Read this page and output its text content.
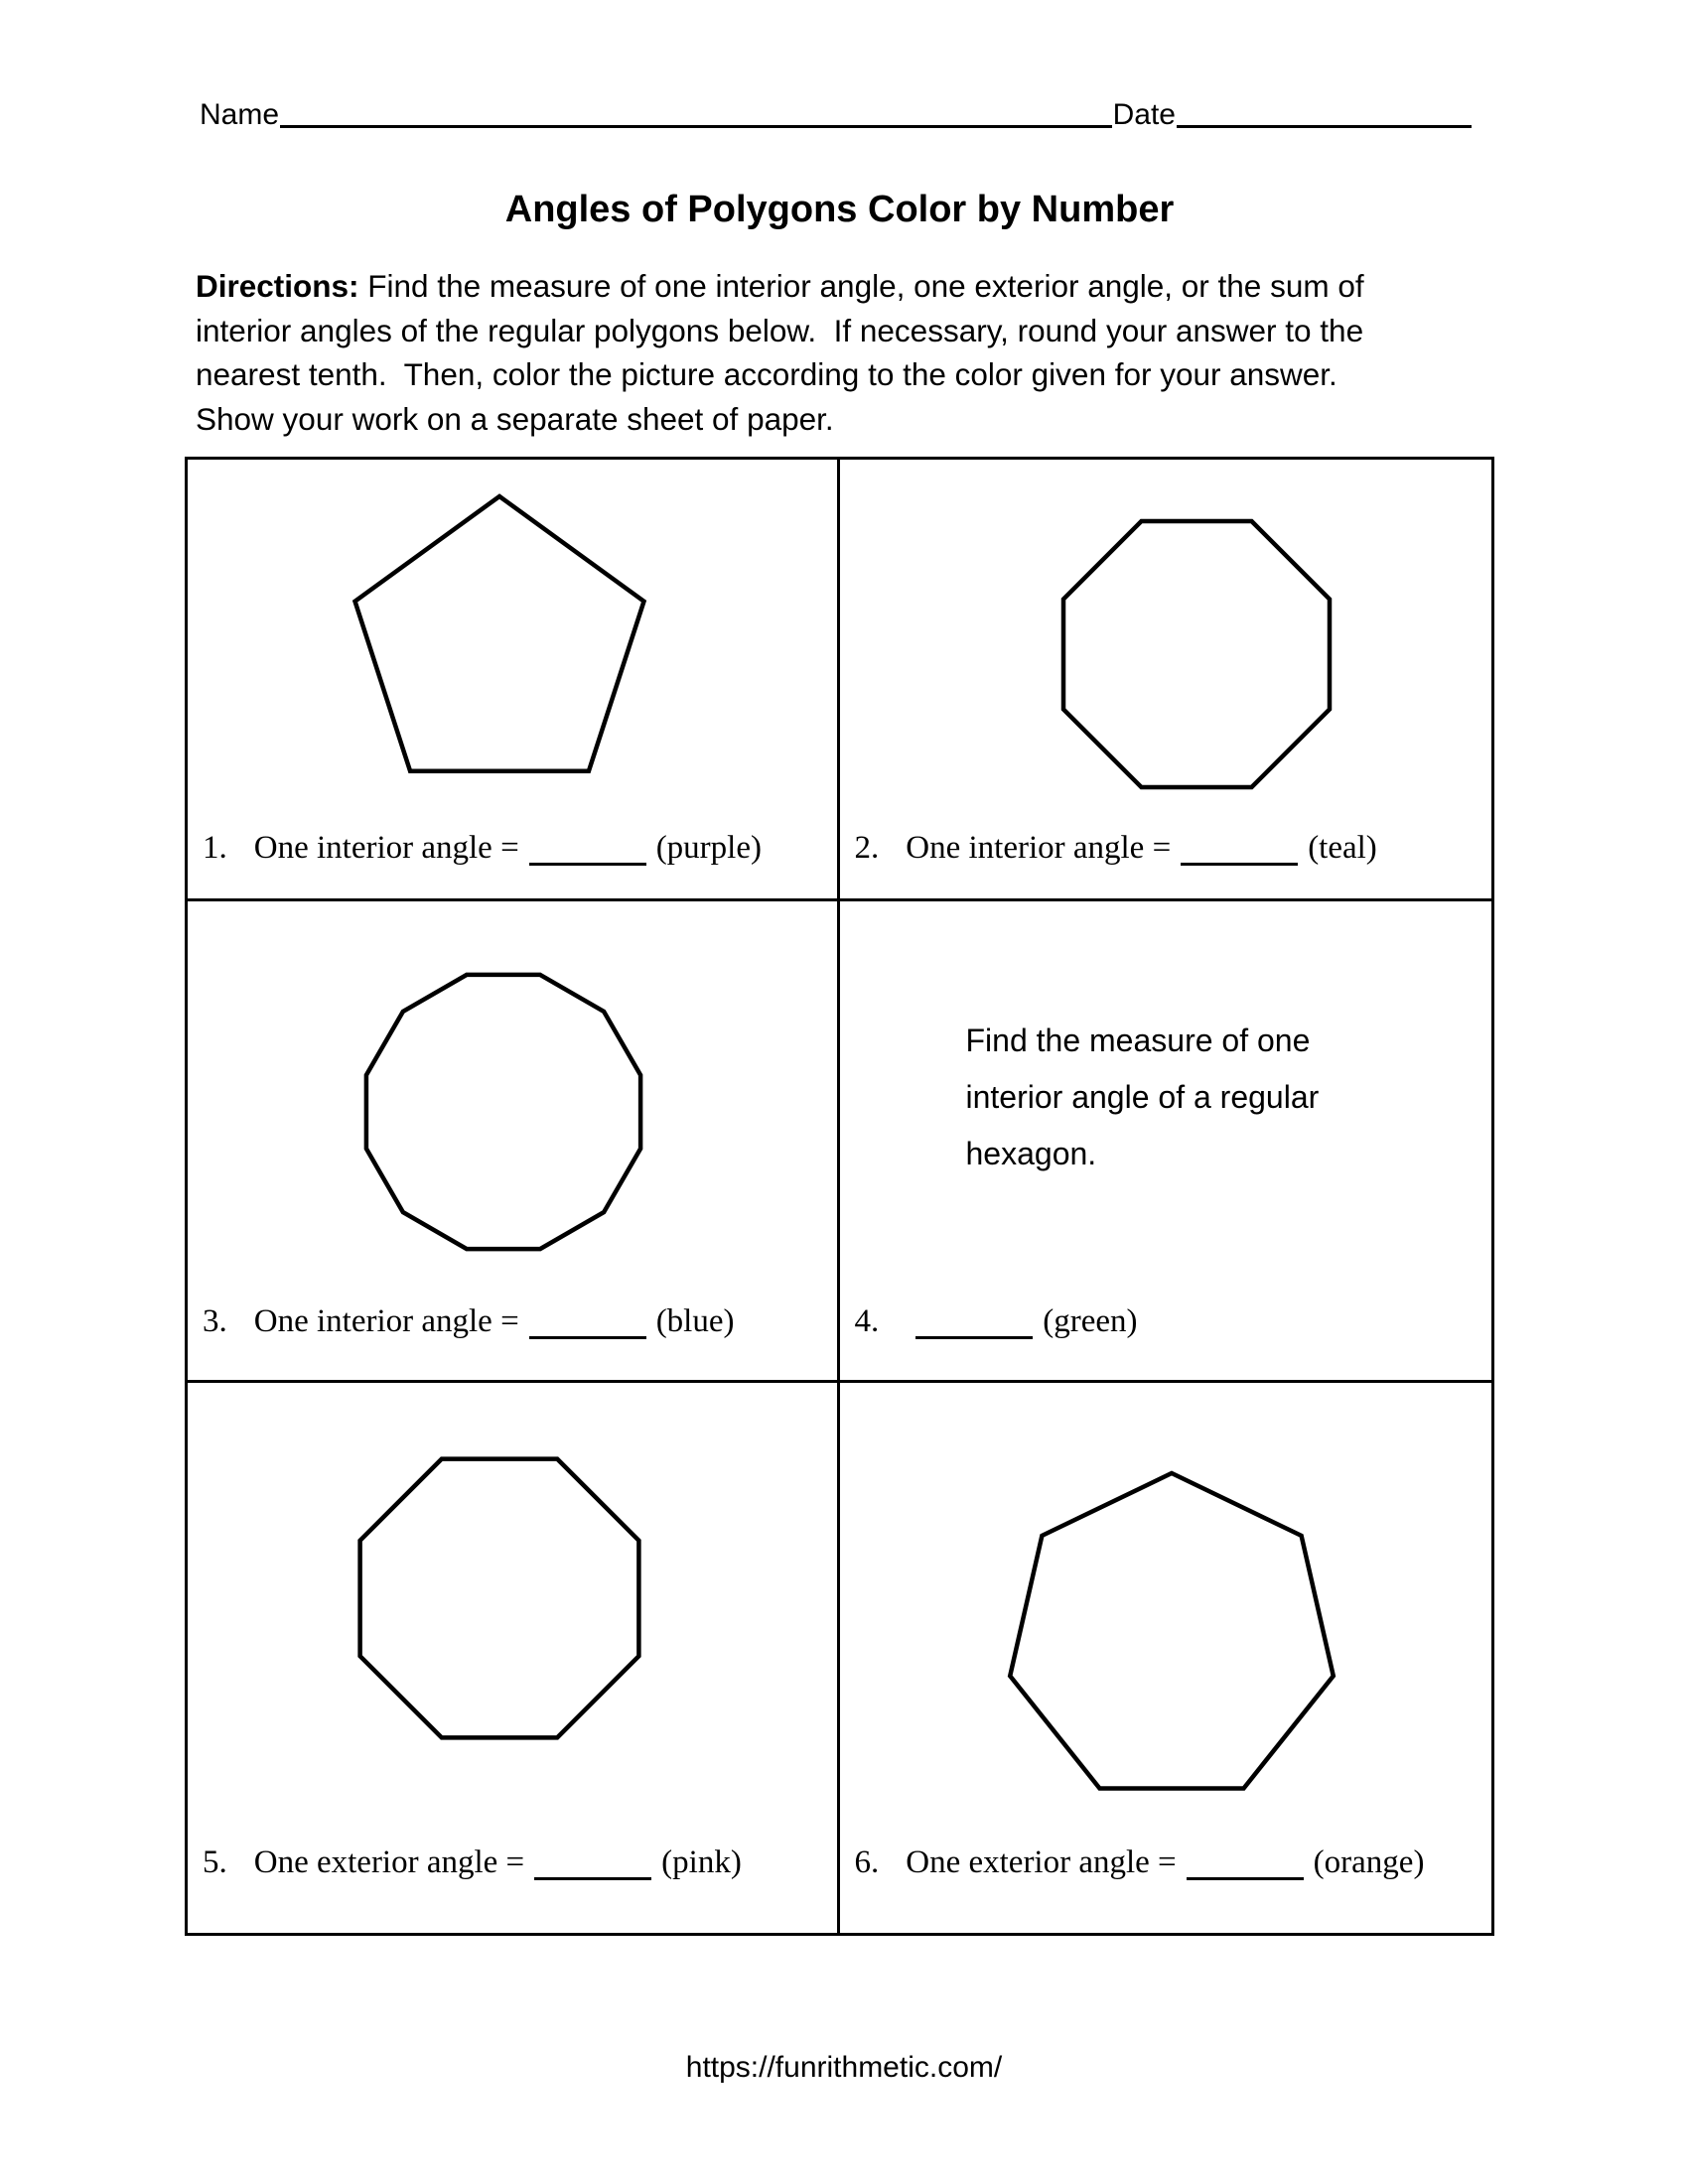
Name	Date
Angles of Polygons Color by Number
Directions: Find the measure of one interior angle, one exterior angle, or the sum of
interior angles of the regular polygons below.  If necessary, round your answer to the
nearest tenth.  Then, color the picture according to the color given for your answer.
Show your work on a separate sheet of paper.
1. One interior angle =	(purple)	2. One interior angle =	(teal)
3. One interior angle =	(blue)
Find the measure of one
interior angle of a regular
hexagon.
4.	(green)
5. One exterior angle =	(pink)	6. One exterior angle =	(orange)
https://funrithmetic.com/
